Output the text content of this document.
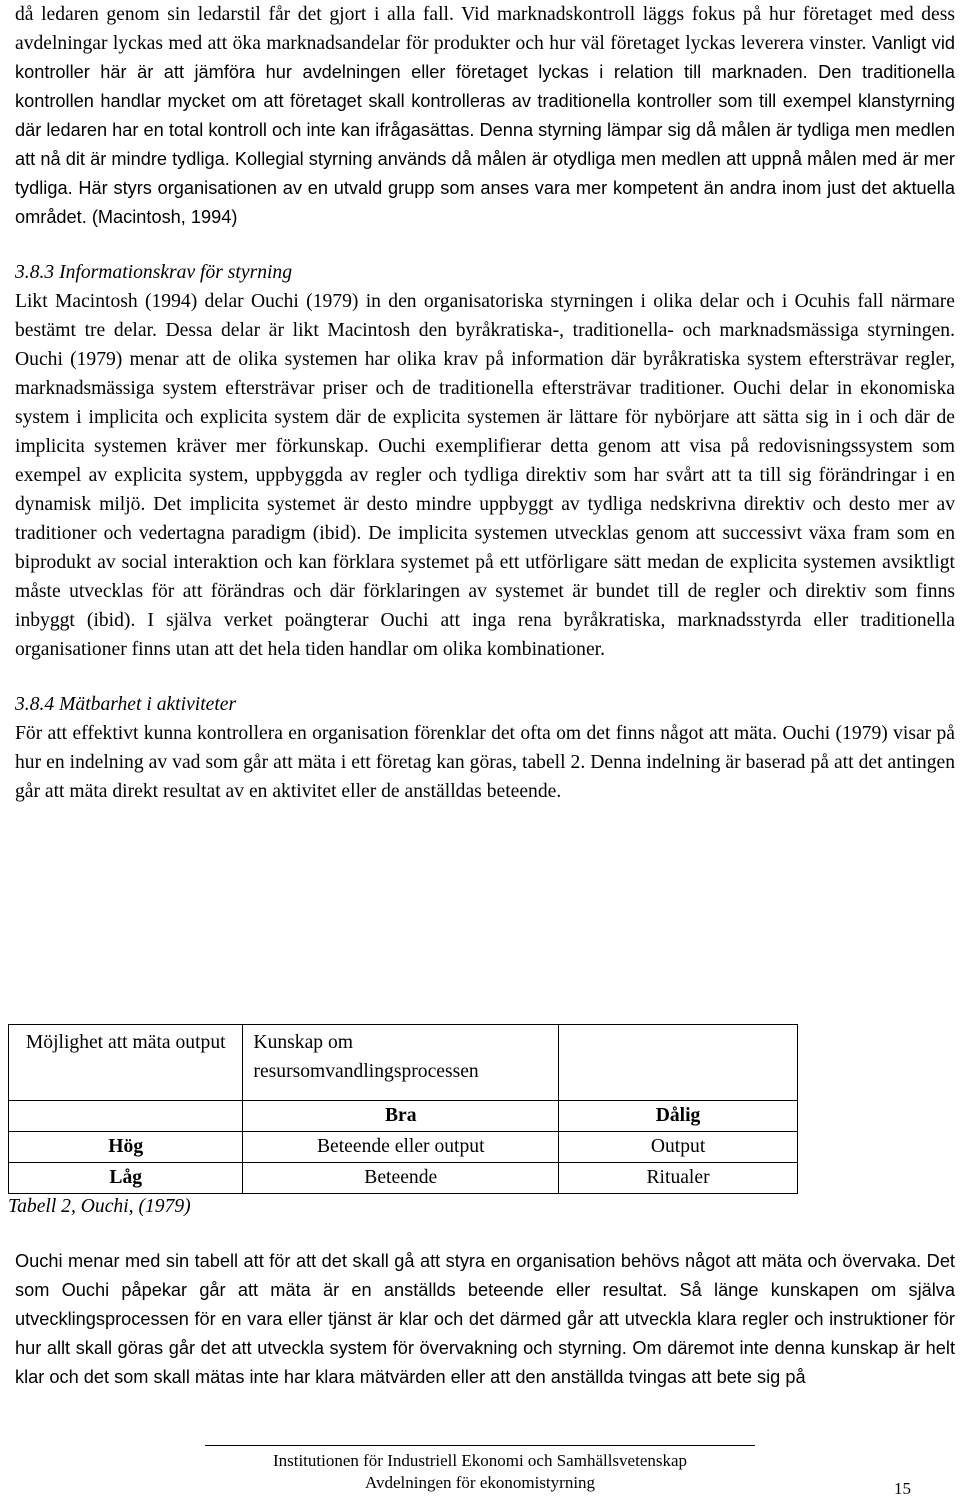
då ledaren genom sin ledarstil får det gjort i alla fall. Vid marknadskontroll läggs fokus på hur företaget med dess avdelningar lyckas med att öka marknadsandelar för produkter och hur väl företaget lyckas leverera vinster. Vanligt vid kontroller här är att jämföra hur avdelningen eller företaget lyckas i relation till marknaden. Den traditionella kontrollen handlar mycket om att företaget skall kontrolleras av traditionella kontroller som till exempel klanstyrning där ledaren har en total kontroll och inte kan ifrågasättas. Denna styrning lämpar sig då målen är tydliga men medlen att nå dit är mindre tydliga. Kollegial styrning används då målen är otydliga men medlen att uppnå målen med är mer tydliga. Här styrs organisationen av en utvald grupp som anses vara mer kompetent än andra inom just det aktuella området. (Macintosh, 1994)

3.8.3 Informationskrav för styrning

Likt Macintosh (1994) delar Ouchi (1979) in den organisatoriska styrningen i olika delar och i Ocuhis fall närmare bestämt tre delar. Dessa delar är likt Macintosh den byråkratiska-, traditionella- och marknadsmässiga styrningen. Ouchi (1979) menar att de olika systemen har olika krav på information där byråkratiska system eftersträvar regler, marknadsmässiga system eftersträvar priser och de traditionella eftersträvar traditioner. Ouchi delar in ekonomiska system i implicita och explicita system där de explicita systemen är lättare för nybörjare att sätta sig in i och där de implicita systemen kräver mer förkunskap. Ouchi exemplifierar detta genom att visa på redovisningssystem som exempel av explicita system, uppbyggda av regler och tydliga direktiv som har svårt att ta till sig förändringar i en dynamisk miljö. Det implicita systemet är desto mindre uppbyggt av tydliga nedskrivna direktiv och desto mer av traditioner och vedertagna paradigm (ibid). De implicita systemen utvecklas genom att successivt växa fram som en biprodukt av social interaktion och kan förklara systemet på ett utförligare sätt medan de explicita systemen avsiktligt måste utvecklas för att förändras och där förklaringen av systemet är bundet till de regler och direktiv som finns inbyggt (ibid). I själva verket poängterar Ouchi att inga rena byråkratiska, marknadsstyrda eller traditionella organisationer finns utan att det hela tiden handlar om olika kombinationer.

3.8.4 Mätbarhet i aktiviteter

För att effektivt kunna kontrollera en organisation förenklar det ofta om det finns något att mäta. Ouchi (1979) visar på hur en indelning av vad som går att mäta i ett företag kan göras, tabell 2. Denna indelning är baserad på att det antingen går att mäta direkt resultat av en aktivitet eller de anställdas beteende.

Möjlighet att mäta output	Kunskap om resursomvandlingsprocessen	
	Bra	Dålig
Hög	Beteende eller output	Output
Låg	Beteende	Ritualer
Tabell 2, Ouchi, (1979)

Ouchi menar med sin tabell att för att det skall gå att styra en organisation behövs något att mäta och övervaka. Det som Ouchi påpekar går att mäta är en anställds beteende eller resultat. Så länge kunskapen om själva utvecklingsprocessen för en vara eller tjänst är klar och det därmed går att utveckla klara regler och instruktioner för hur allt skall göras går det att utveckla system för övervakning och styrning. Om däremot inte denna kunskap är helt klar och det som skall mätas inte har klara mätvärden eller att den anställda tvingas att bete sig på

Institutionen för Industriell Ekonomi och Samhällsvetenskap
Avdelningen för ekonomistyrning	15
